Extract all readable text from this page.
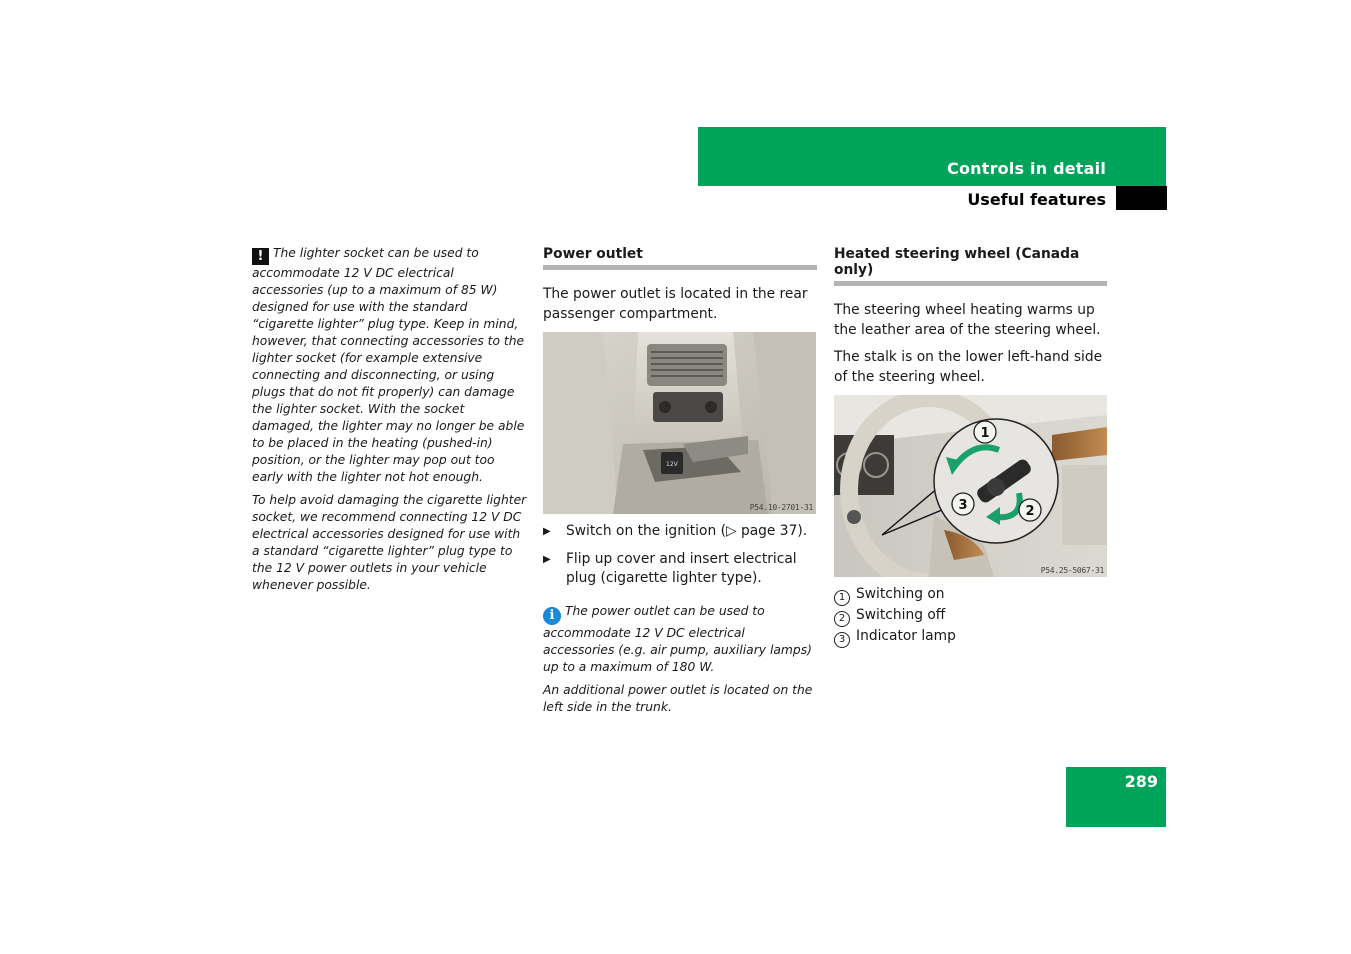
Controls in detail
Useful features

! The lighter socket can be used to accommodate 12 V DC electrical accessories (up to a maximum of 85 W) designed for use with the standard “cigarette lighter” plug type. Keep in mind, however, that connecting accessories to the lighter socket (for example extensive connecting and disconnecting, or using plugs that do not fit properly) can damage the lighter socket. With the socket damaged, the lighter may no longer be able to be placed in the heating (pushed-in) position, or the lighter may pop out too early with the lighter not hot enough.

To help avoid damaging the cigarette lighter socket, we recommend connecting 12 V DC electrical accessories designed for use with a standard “cigarette lighter” plug type to the 12 V power outlets in your vehicle whenever possible.

Power outlet

The power outlet is located in the rear passenger compartment.

12V
P54.10-2701-31
▶ Switch on the ignition (▷ page 37).
▶ Flip up cover and insert electrical plug (cigarette lighter type).

i The power outlet can be used to accommodate 12 V DC electrical accessories (e.g. air pump, auxiliary lamps) up to a maximum of 180 W.

An additional power outlet is located on the left side in the trunk.

Heated steering wheel (Canada only)

The steering wheel heating warms up the leather area of the steering wheel.

The stalk is on the lower left-hand side of the steering wheel.

1
2
3
P54.25-5067-31
1 Switching on
2 Switching off
3 Indicator lamp
289
